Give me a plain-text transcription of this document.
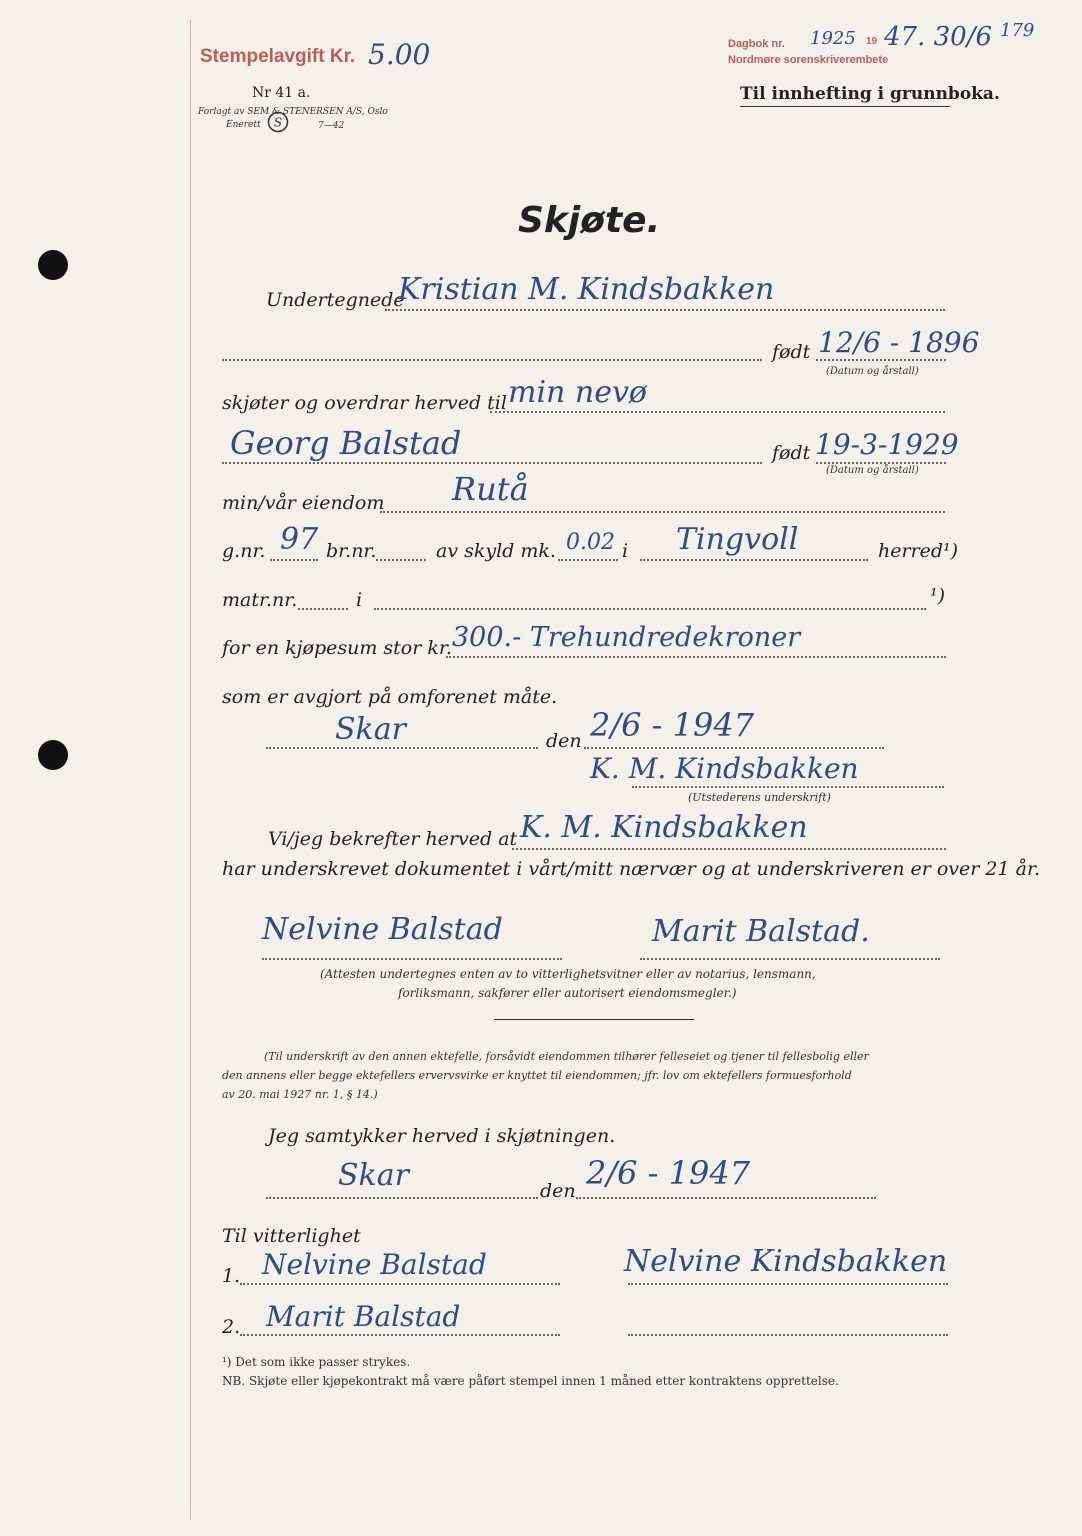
Stempelavgift Kr. 5.00	Dagbok nr. 1925 19 47. 30/6 179
Nordmøre sorenskriverembete
Nr 41 a.
Forlagt av SEM & STENERSEN A/S, Oslo
Enerett S	7—42
Til innhefting i grunnboka.
Skjøte.
Undertegnede
Kristian M. Kindsbakken
født 12/6 - 1896
(Datum og årstall)
skjøter og overdrar herved til min nevø
Georg Balstad	født 19-3-1929
(Datum og årstall)
min/vår eiendom Rutå
g.nr. 97 br.nr.	av skyld mk. 0.02 i Tingvoll	herred¹)
matr.nr.	i	¹)
for en kjøpesum stor kr. 300.- Trehundredekroner
som er avgjort på omforenet måte.
Skar	den 2/6 - 1947
K. M. Kindsbakken
(Utstederens underskrift)
Vi/jeg bekrefter herved at K. M. Kindsbakken
har underskrevet dokumentet i vårt/mitt nærvær og at underskriveren er over 21 år.
Nelvine Balstad	Marit Balstad.
(Attesten undertegnes enten av to vitterlighetsvitner eller av notarius, lensmann,
forliksmann, sakfører eller autorisert eiendomsmegler.)
(Til underskrift av den annen ektefelle, forsåvidt eiendommen tilhører felleseiet og tjener til fellesbolig eller
den annens eller begge ektefellers ervervsvirke er knyttet til eiendommen; jfr. lov om ektefellers formuesforhold
av 20. mai 1927 nr. 1, § 14.)
Jeg samtykker herved i skjøtningen.
Skar	den 2/6 - 1947
Til vitterlighet
1. Nelvine Balstad	Nelvine Kindsbakken
2. Marit Balstad
¹) Det som ikke passer strykes.
NB. Skjøte eller kjøpekontrakt må være påført stempel innen 1 måned etter kontraktens opprettelse.
